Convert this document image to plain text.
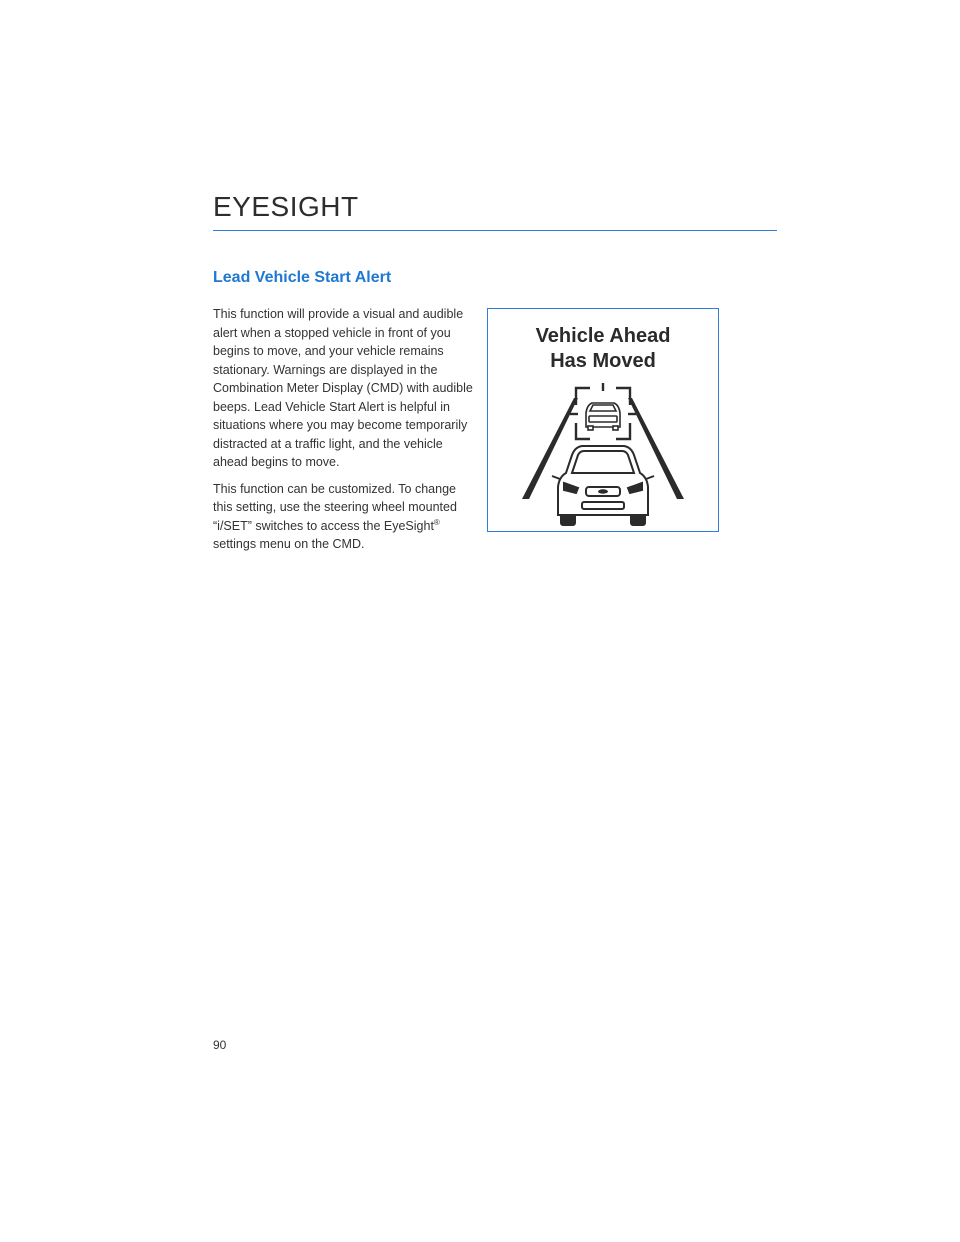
EYESIGHT
Lead Vehicle Start Alert

This function will provide a visual and audible alert when a stopped vehicle in front of you begins to move, and your vehicle remains stationary. Warnings are displayed in the Combination Meter Display (CMD) with audible beeps. Lead Vehicle Start Alert is helpful in situations where you may become temporarily distracted at a traffic light, and the vehicle ahead begins to move.

This function can be customized. To change this setting, use the steering wheel mounted “i/SET” switches to access the EyeSight® settings menu on the CMD.

Vehicle Ahead
Has Moved
90
